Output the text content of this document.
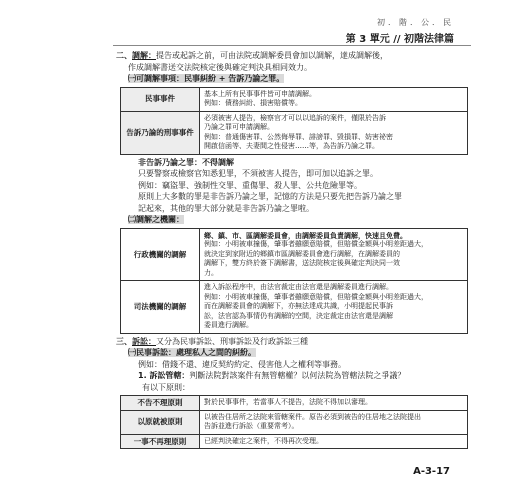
初．階．公．民
第 3 單元 // 初階法律篇

二、調解：提告或起訴之前，可由法院或調解委員會加以調解，達成調解後，

作成調解書送交法院核定後與確定判決具相同效力。

㈠可調解事項：民事糾紛 + 告訴乃論之罪。

民事事件	基本上所有民事事件皆可申請調解。
例如：債務糾紛、損害賠償等。

告訴乃論的刑事事件	必須被害人提告，檢察官才可以以追訴的案件，僅限於告訴
乃論之罪可申請調解。
例如：普通傷害罪、公然侮辱罪、誹謗罪、毀損罪、妨害祕密
開啟信函等、夫妻間之性侵害……等，為告訴乃論之罪。

非告訴乃論之罪：不得調解

只要警察或檢察官知悉犯罪，不須被害人提告，即可加以追訴之罪。

例如：竊盜罪、強制性交罪、重傷罪、殺人罪、公共危險罪等。

原則上大多數的罪是非告訴乃論之罪，記憶的方法是只要先把告訴乃論之罪

記起來，其他的罪大部分就是非告訴乃論之罪啦。

㈡調解之機關：

行政機關的調解	鄉、鎮、市、區調解委員會，由調解委員負責調解，快速且免費。
例如：小明被車撞傷，肇事者雖願意賠償，但賠償金額與小明差距過大，
就決定到家附近的鄉鎮市區調解委員會進行調解，在調解委員的
調解下，雙方終於簽下調解書，送法院核定後與確定判決同一效
力。

司法機關的調解	進入訴訟程序中，由法官裁定由法官還是調解委員進行調解。
例如：小明被車撞傷，肇事者雖願意賠償，但賠償金額與小明差距過大，
而在調解委員會的調解下，亦無法達成共識，小明提起民事訴
訟，法官認為事情仍有調解的空間，決定裁定由法官還是調解
委員進行調解。

三、訴訟：又分為民事訴訟、刑事訴訟及行政訴訟三種

㈠民事訴訟：處理私人之間的糾紛。

例如：借錢不還、違反契約約定、侵害他人之權利等事務。

1. 訴訟管轄：判斷法院對該案件有無管轄權？以何法院為管轄法院之爭議？

有以下原則：

不告不理原則	對於民事事件，若當事人不提告，法院不得加以審理。

以原就被原則	以被告住居所之法院來管轄案件。原告必須到被告的住居地之法院提出
告訴並進行訴訟（重要常考）。

一事不再理原則	已經判決確定之案件，不得再次受理。
A-3-17
